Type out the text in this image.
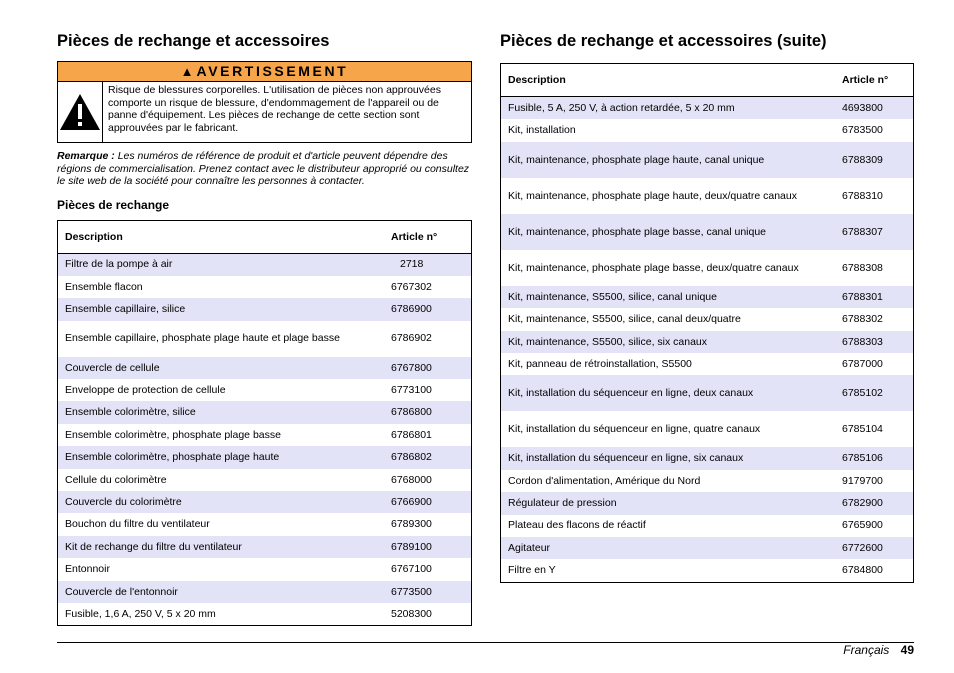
Pièces de rechange et accessoires
▲ AVERTISSEMENT
Risque de blessures corporelles. L'utilisation de pièces non approuvées comporte un risque de blessure, d'endommagement de l'appareil ou de panne d'équipement. Les pièces de rechange de cette section sont approuvées par le fabricant.
Remarque : Les numéros de référence de produit et d'article peuvent dépendre des régions de commercialisation. Prenez contact avec le distributeur approprié ou consultez le site web de la société pour connaître les personnes à contacter.
Pièces de rechange
Description	Article n°
Filtre de la pompe à air	2718
Ensemble flacon	6767302
Ensemble capillaire, silice	6786900
Ensemble capillaire, phosphate plage haute et plage basse	6786902
Couvercle de cellule	6767800
Enveloppe de protection de cellule	6773100
Ensemble colorimètre, silice	6786800
Ensemble colorimètre, phosphate plage basse	6786801
Ensemble colorimètre, phosphate plage haute	6786802
Cellule du colorimètre	6768000
Couvercle du colorimètre	6766900
Bouchon du filtre du ventilateur	6789300
Kit de rechange du filtre du ventilateur	6789100
Entonnoir	6767100
Couvercle de l'entonnoir	6773500
Fusible, 1,6 A, 250 V, 5 x 20 mm	5208300
Pièces de rechange et accessoires (suite)
Description	Article n°
Fusible, 5 A, 250 V, à action retardée, 5 x 20 mm	4693800
Kit, installation	6783500
Kit, maintenance, phosphate plage haute, canal unique	6788309
Kit, maintenance, phosphate plage haute, deux/quatre canaux	6788310
Kit, maintenance, phosphate plage basse, canal unique	6788307
Kit, maintenance, phosphate plage basse, deux/quatre canaux	6788308
Kit, maintenance, S5500, silice, canal unique	6788301
Kit, maintenance, S5500, silice, canal deux/quatre	6788302
Kit, maintenance, S5500, silice, six canaux	6788303
Kit, panneau de rétroinstallation, S5500	6787000
Kit, installation du séquenceur en ligne, deux canaux	6785102
Kit, installation du séquenceur en ligne, quatre canaux	6785104
Kit, installation du séquenceur en ligne, six canaux	6785106
Cordon d'alimentation, Amérique du Nord	9179700
Régulateur de pression	6782900
Plateau des flacons de réactif	6765900
Agitateur	6772600
Filtre en Y	6784800
Français 49
